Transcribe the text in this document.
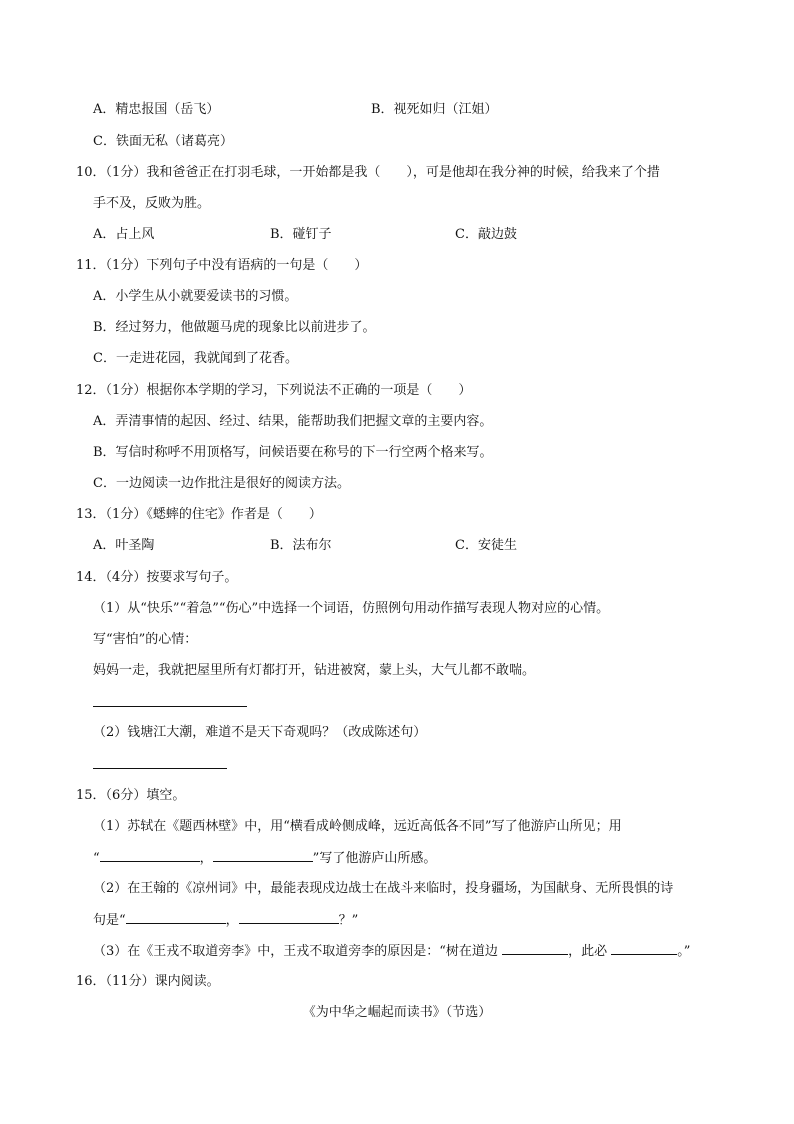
A．精忠报国（岳飞）	B．视死如归（江姐）
C．铁面无私（诸葛亮）
10．（1分）我和爸爸正在打羽毛球，一开始都是我（　　），可是他却在我分神的时候，给我来了个措
手不及，反败为胜。
A．占上风	B．碰钉子	C．敲边鼓
11．（1分）下列句子中没有语病的一句是（　　）
A．小学生从小就要爱读书的习惯。
B．经过努力，他做题马虎的现象比以前进步了。
C．一走进花园，我就闻到了花香。
12．（1分）根据你本学期的学习，下列说法不正确的一项是（　　）
A．弄清事情的起因、经过、结果，能帮助我们把握文章的主要内容。
B．写信时称呼不用顶格写，问候语要在称号的下一行空两个格来写。
C．一边阅读一边作批注是很好的阅读方法。
13．（1分）《蟋蟀的住宅》作者是（　　）
A．叶圣陶	B．法布尔	C．安徒生
14．（4分）按要求写句子。
（1）从“快乐”“着急”“伤心”中选择一个词语，仿照例句用动作描写表现人物对应的心情。
写“害怕”的心情：
妈妈一走，我就把屋里所有灯都打开，钻进被窝，蒙上头，大气儿都不敢喘。
（2）钱塘江大潮，难道不是天下奇观吗？（改成陈述句）
15．（6分）填空。
（1）苏轼在《题西林壁》中，用“横看成岭侧成峰，远近高低各不同”写了他游庐山所见；用
“	，	”写了他游庐山所感。
（2）在王翰的《凉州词》中，最能表现戍边战士在战斗来临时，投身疆场，为国献身、无所畏惧的诗
句是“	，	？”
（3）在《王戎不取道旁李》中，王戎不取道旁李的原因是：“树在道边	，此必	。”
16．（11分）课内阅读。
《为中华之崛起而读书》（节选）
